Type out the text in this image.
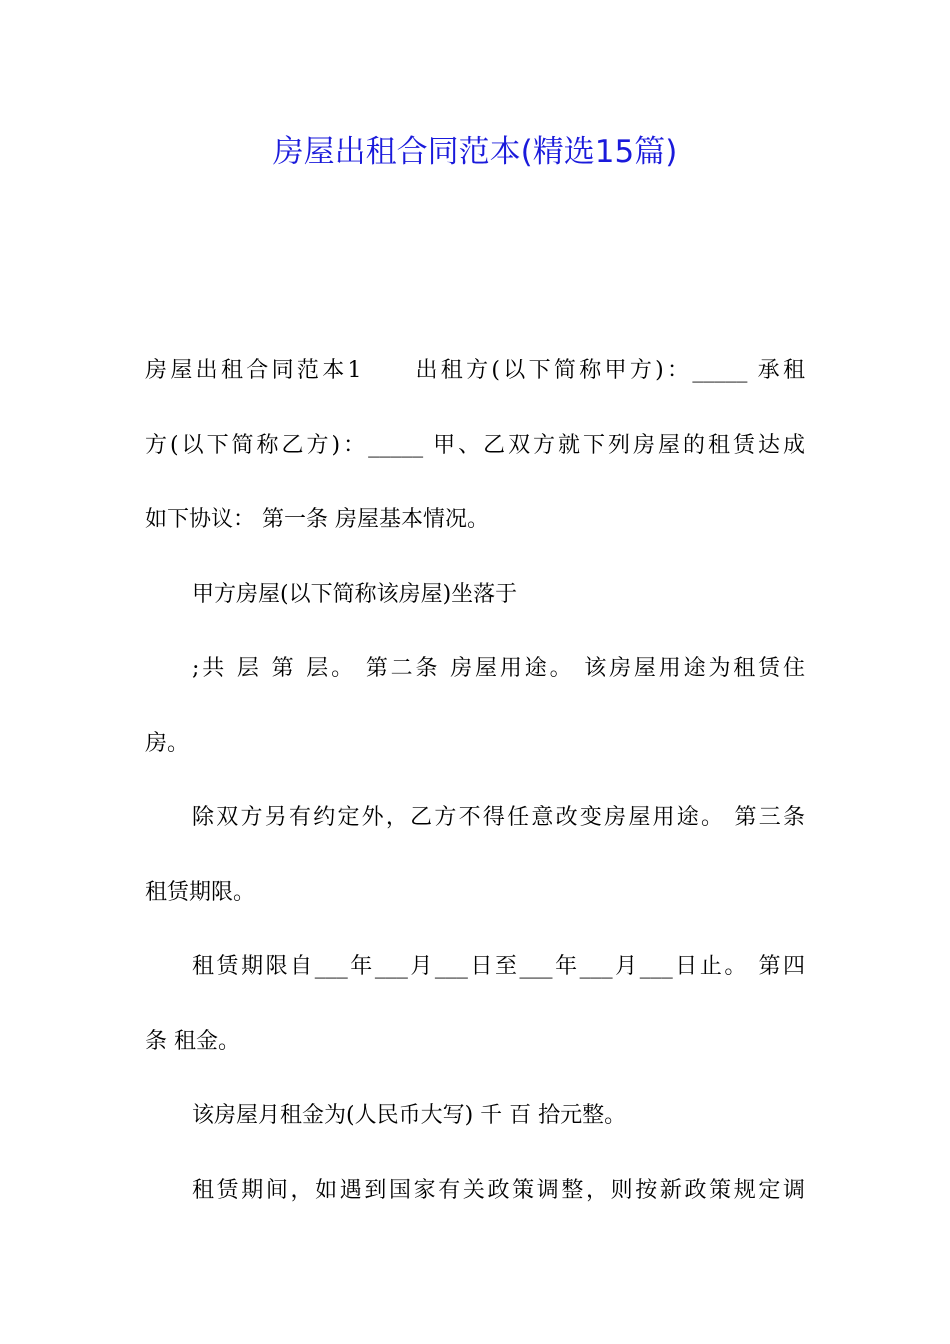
房屋出租合同范本(精选15篇)
房屋出租合同范本1　　出租方(以下简称甲方)：_____ 承租
方(以下简称乙方)：_____ 甲、乙双方就下列房屋的租赁达成
如下协议： 第一条 房屋基本情况。
甲方房屋(以下简称该房屋)坐落于
;共 层 第 层。 第二条 房屋用途。 该房屋用途为租赁住
房。
除双方另有约定外，乙方不得任意改变房屋用途。 第三条
租赁期限。
租赁期限自___年___月___日至___年___月___日止。 第四
条 租金。
该房屋月租金为(人民币大写) 千 百 拾元整。
租赁期间，如遇到国家有关政策调整，则按新政策规定调
